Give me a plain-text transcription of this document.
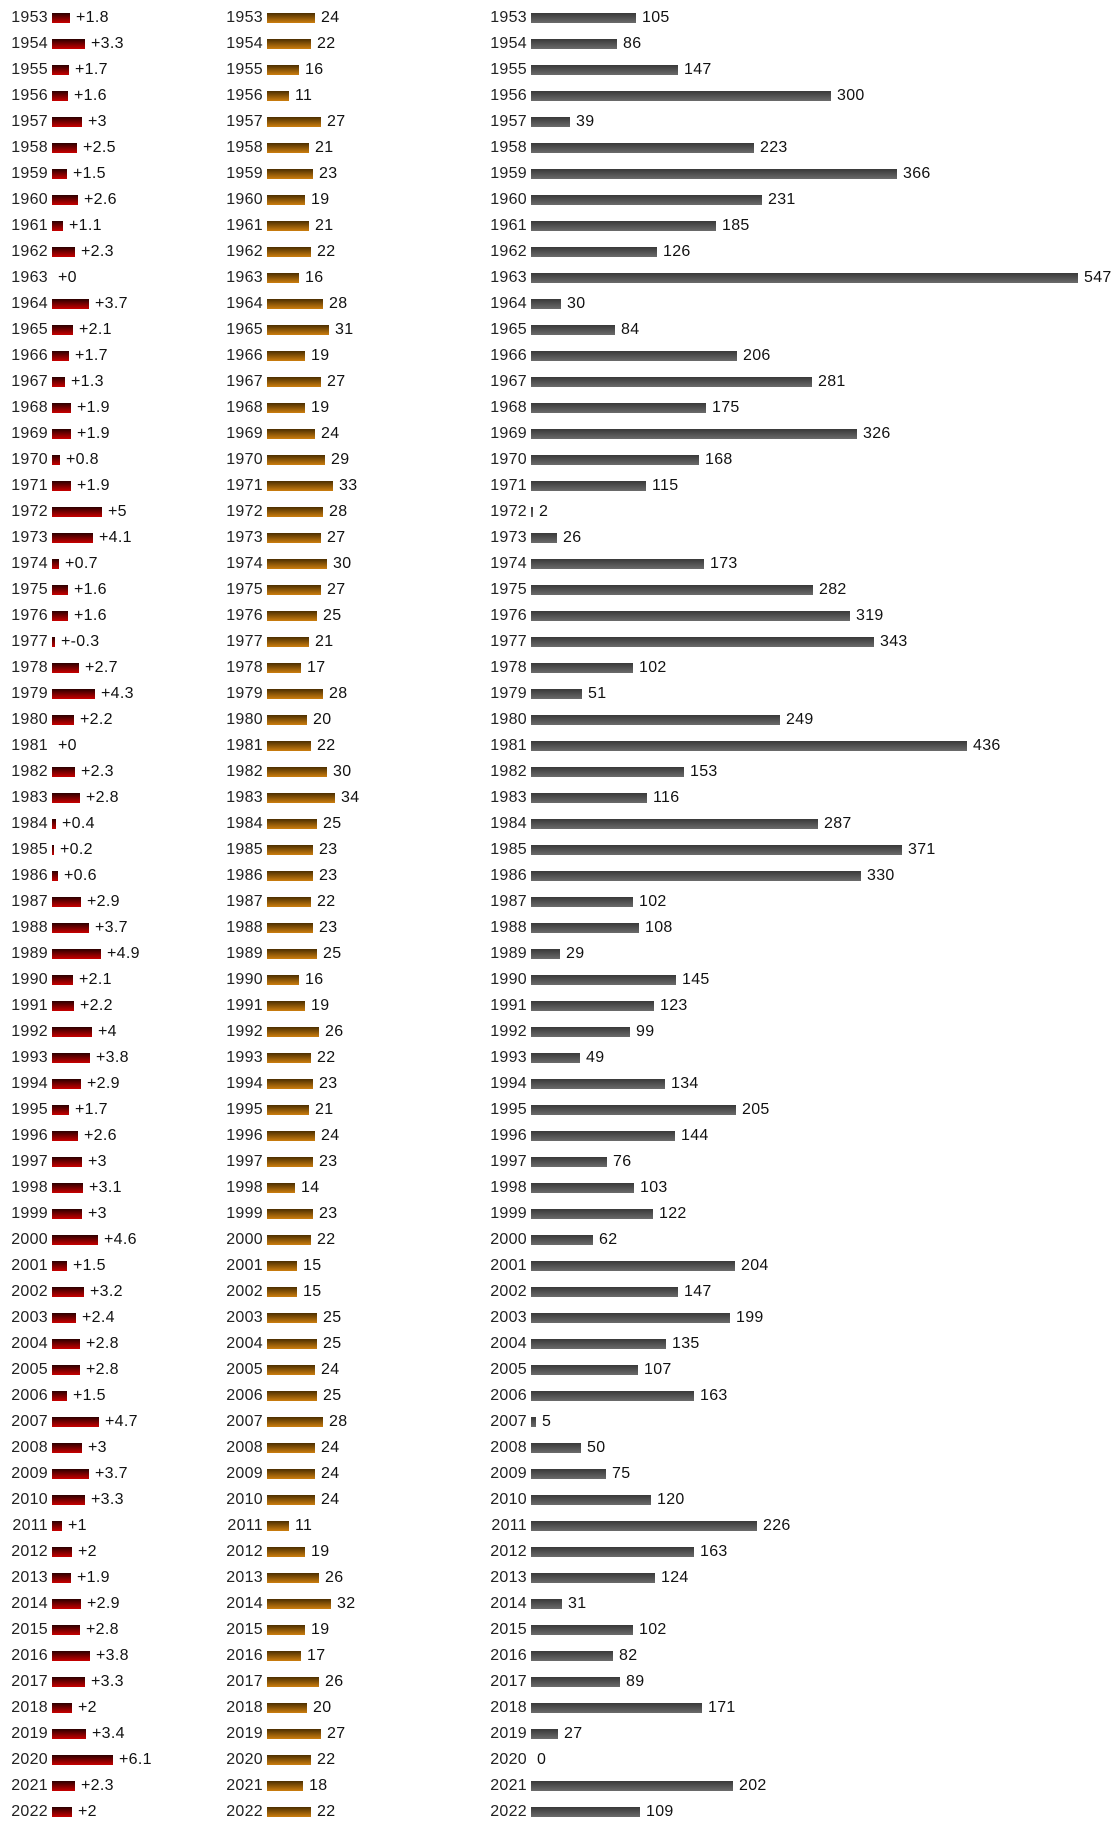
1953 +1.8
1954	+3.3
1955 +1.7
1956 +1.6
1957	+3
1958 +2.5
1959 +1.5
1960 +2.6
1961 +1.1
1962 +2.3
1963 +0
1964	+3.7
1965 +2.1
1966 +1.7
1967 +1.3
1968 +1.9
1969 +1.9
1970 +0.8
1971 +1.9
1972	+5
1973	+4.1
1974 +0.7
1975 +1.6
1976 +1.6
1977 +-0.3
1978 +2.7
1979	+4.3
1980 +2.2
1981 +0
1982 +2.3
1983 +2.8
1984 +0.4
1985 +0.2
1986 +0.6
1987 +2.9
1988	+3.7
1989	+4.9
1990 +2.1
1991 +2.2
1992	+4
1993	+3.8
1994 +2.9
1995 +1.7
1996 +2.6
1997	+3
1998	+3.1
1999	+3
2000	+4.6
2001 +1.5
2002	+3.2
2003 +2.4
2004 +2.8
2005 +2.8
2006 +1.5
2007	+4.7
2008	+3
2009	+3.7
2010	+3.3
2011 +1
2012 +2
2013 +1.9
2014 +2.9
2015 +2.8
2016	+3.8
2017	+3.3
2018 +2
2019	+3.4
2020	+6.1
2021 +2.3
2022 +2
1953	24
1954	22
1955	16
1956 11
1957	27
1958	21
1959	23
1960	19
1961	21
1962	22
1963	16
1964	28
1965	31
1966	19
1967	27
1968	19
1969	24
1970	29
1971	33
1972	28
1973	27
1974	30
1975	27
1976	25
1977	21
1978	17
1979	28
1980	20
1981	22
1982	30
1983	34
1984	25
1985	23
1986	23
1987	22
1988	23
1989	25
1990	16
1991	19
1992	26
1993	22
1994	23
1995	21
1996	24
1997	23
1998 14
1999	23
2000	22
2001	15
2002	15
2003	25
2004	25
2005	24
2006	25
2007	28
2008	24
2009	24
2010	24
2011 11
2012	19
2013	26
2014	32
2015	19
2016	17
2017	26
2018	20
2019	27
2020	22
2021	18
2022	22
1953	105
1954	86
1955	147
1956	300
1957	39
1958	223
1959	366
1960	231
1961	185
1962	126
1963	547
1964	30
1965	84
1966	206
1967	281
1968	175
1969	326
1970	168
1971	115
1972 2
1973 26
1974	173
1975	282
1976	319
1977	343
1978	102
1979	51
1980	249
1981	436
1982	153
1983	116
1984	287
1985	371
1986	330
1987	102
1988	108
1989 29
1990	145
1991	123
1992	99
1993	49
1994	134
1995	205
1996	144
1997	76
1998	103
1999	122
2000	62
2001	204
2002	147
2003	199
2004	135
2005	107
2006	163
2007 5
2008	50
2009	75
2010	120
2011	226
2012	163
2013	124
2014	31
2015	102
2016	82
2017	89
2018	171
2019 27
2020 0
2021	202
2022	109
